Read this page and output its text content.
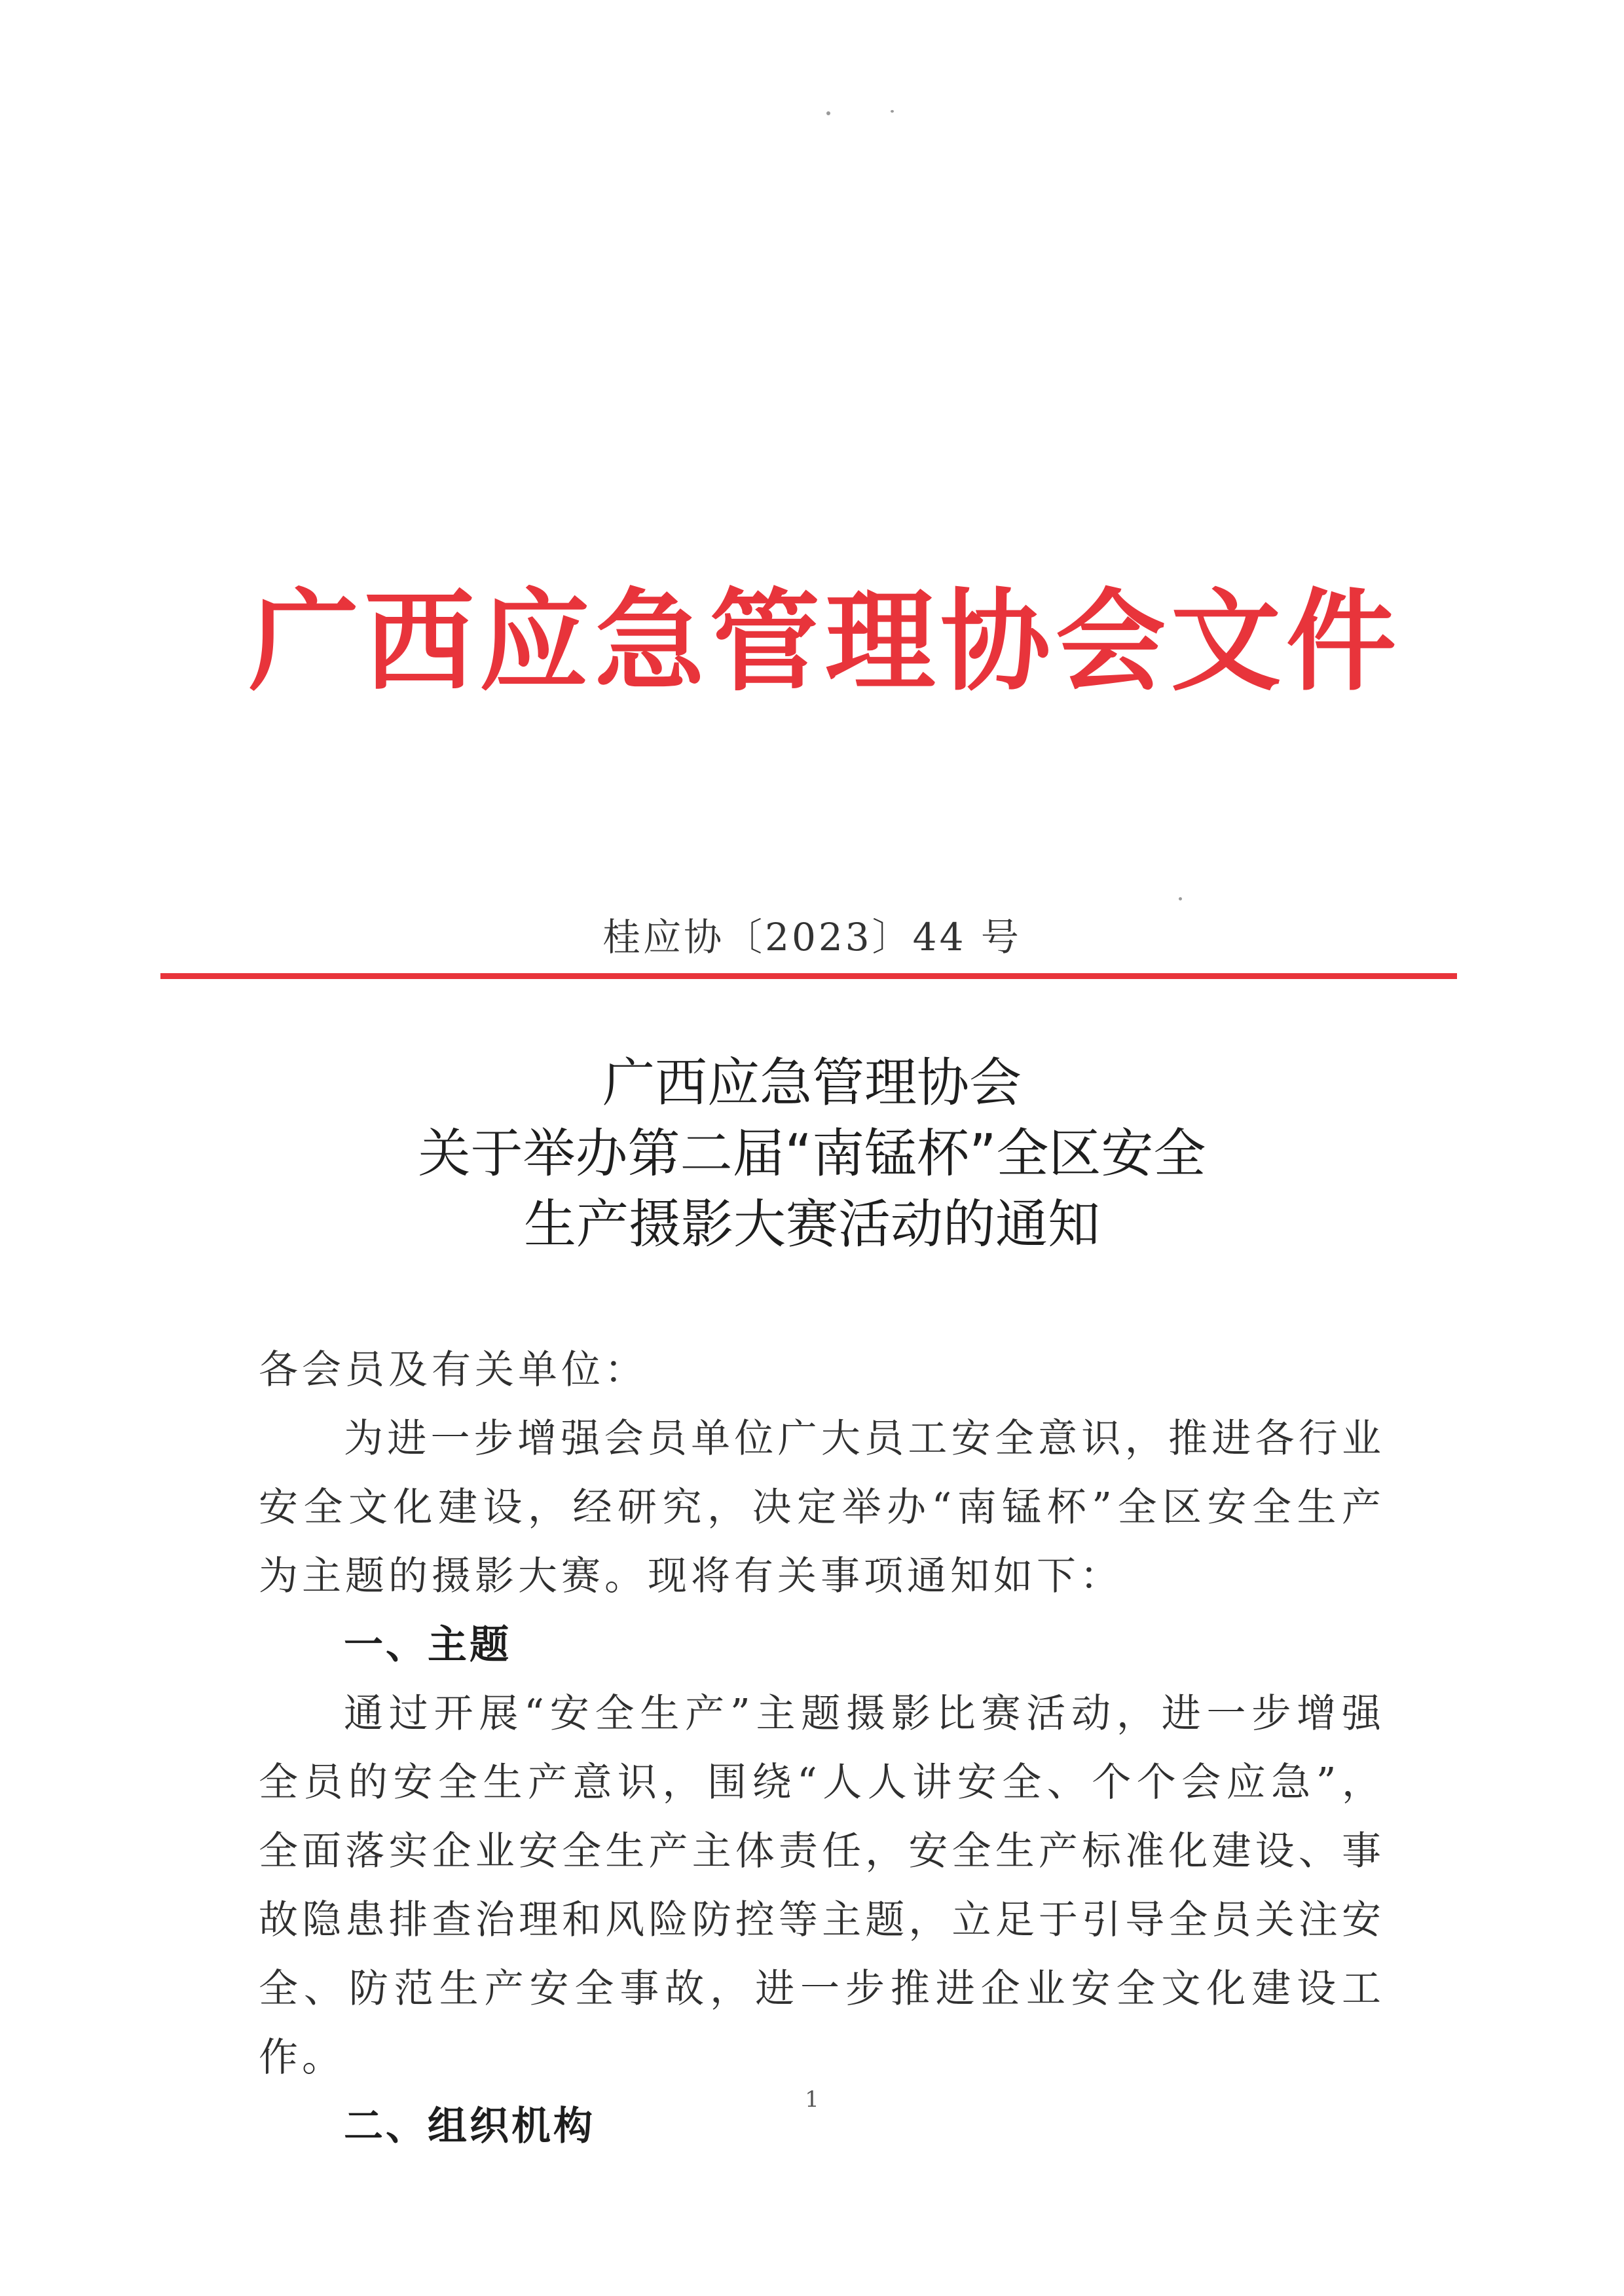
广西应急管理协会文件
桂应协〔2023〕44 号
广西应急管理协会
关于举办第二届“南锰杯”全区安全
生产摄影大赛活动的通知

各会员及有关单位：

为进一步增强会员单位广大员工安全意识，推进各行业安全文化建设，经研究，决定举办“南锰杯”全区安全生产为主题的摄影大赛。现将有关事项通知如下：

一、主题

通过开展“安全生产”主题摄影比赛活动，进一步增强全员的安全生产意识，围绕“人人讲安全、个个会应急”，全面落实企业安全生产主体责任，安全生产标准化建设、事故隐患排查治理和风险防控等主题，立足于引导全员关注安全、防范生产安全事故，进一步推进企业安全文化建设工作。

二、组织机构

1
